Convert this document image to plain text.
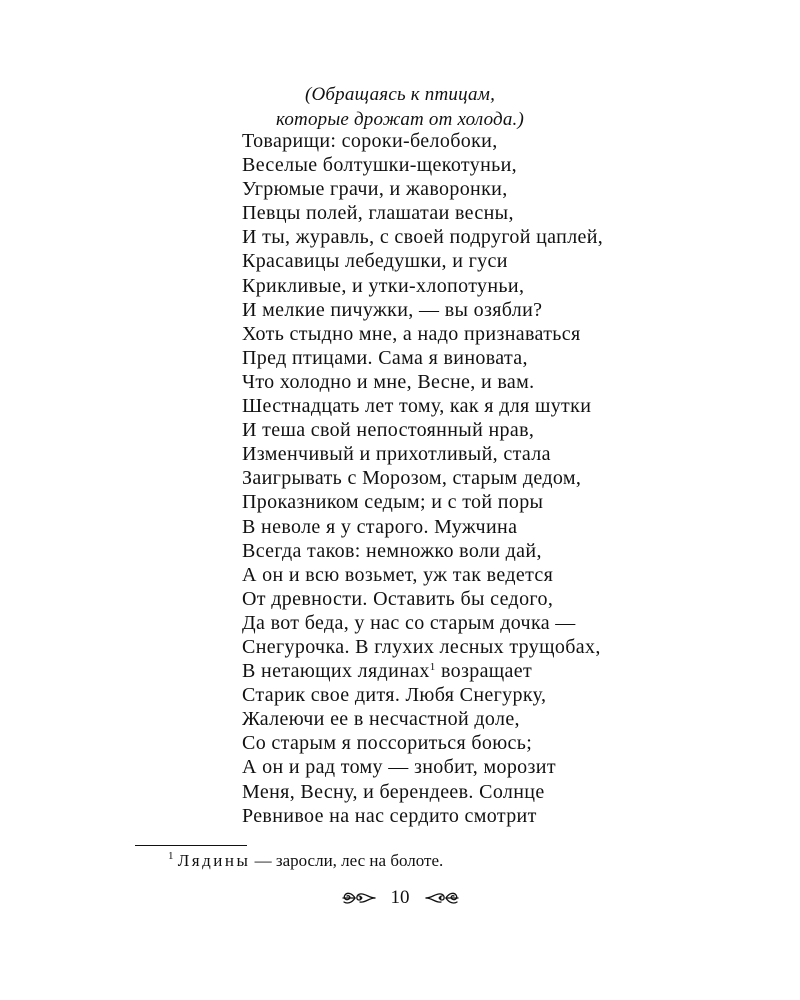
(Обращаясь к птицам,
которые дрожат от холода.)
Товарищи: сороки-белобоки,
Веселые болтушки-щекотуньи,
Угрюмые грачи, и жаворонки,
Певцы полей, глашатаи весны,
И ты, журавль, с своей подругой цаплей,
Красавицы лебедушки, и гуси
Крикливые, и утки-хлопотуньи,
И мелкие пичужки, — вы озябли?
Хоть стыдно мне, а надо признаваться
Пред птицами. Сама я виновата,
Что холодно и мне, Весне, и вам.
Шестнадцать лет тому, как я для шутки
И теша свой непостоянный нрав,
Изменчивый и прихотливый, стала
Заигрывать с Морозом, старым дедом,
Проказником седым; и с той поры
В неволе я у старого. Мужчина
Всегда таков: немножко воли дай,
А он и всю возьмет, уж так ведется
От древности. Оставить бы седого,
Да вот беда, у нас со старым дочка —
Снегурочка. В глухих лесных трущобах,
В нетающих лядинах$^1$ возращает
Старик свое дитя. Любя Снегурку,
Жалеючи ее в несчастной доле,
Со старым я поссориться боюсь;
А он и рад тому — знобит, морозит
Меня, Весну, и берендеев. Солнце
Ревнивое на нас сердито смотрит
$^1$ Лядины — заросли, лес на болоте.
10
